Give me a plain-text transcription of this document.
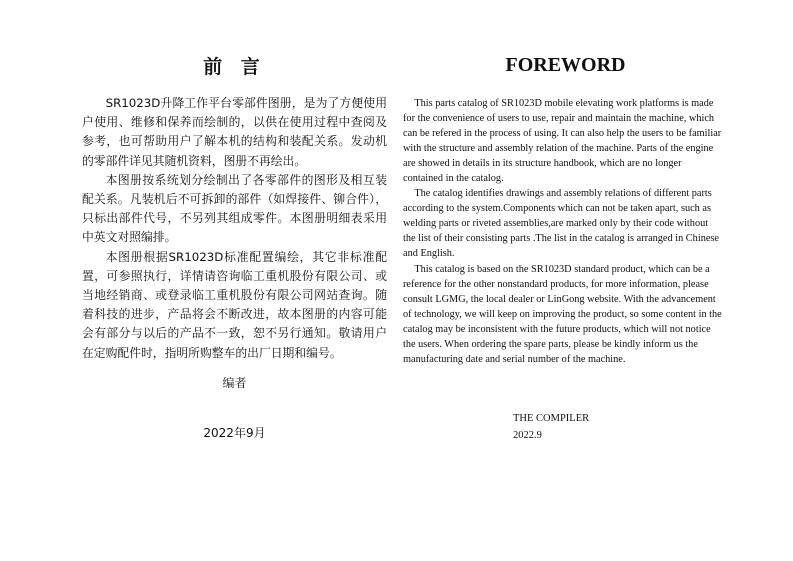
前 言

SR1023D升降工作平台零部件图册，是为了方便使用户使用、维修和保养而绘制的，以供在使用过程中查阅及参考，也可帮助用户了解本机的结构和装配关系。发动机的零部件详见其随机资料，图册不再绘出。

本图册按系统划分绘制出了各零部件的图形及相互装配关系。凡装机后不可拆卸的部件（如焊接件、铆合件），只标出部件代号，不另列其组成零件。本图册明细表采用中英文对照编排。

本图册根据SR1023D标准配置编绘，其它非标准配置，可参照执行，详情请咨询临工重机股份有限公司、或当地经销商、或登录临工重机股份有限公司网站查询。随着科技的进步，产品将会不断改进，故本图册的内容可能会有部分与以后的产品不一致，恕不另行通知。敬请用户在定购配件时，指明所购整车的出厂日期和编号。

编者
2022年9月
FOREWORD

This parts catalog of SR1023D mobile elevating work platforms is made for the convenience of users to use, repair and maintain the machine, which can be refered in the process of using. It can also help the users to be familiar with the structure and assembly relation of the machine. Parts of the engine are showed in details in its structure handbook, which are no longer contained in the catalog.

The catalog identifies drawings and assembly relations of different parts according to the system.Components which can not be taken apart, such as welding parts or riveted assemblies,are marked only by their code without the list of their consisting parts .The list in the catalog is arranged in Chinese and English.

This catalog is based on the SR1023D standard product, which can be a reference for the other nonstandard products, for more information, please consult LGMG, the local dealer or LinGong website. With the advancement of technology, we will keep on improving the product, so some content in the catalog may be inconsistent with the future products, which will not notice the users. When ordering the spare parts, please be kindly inform us the manufacturing date and serial number of the machine.

THE COMPILER
2022.9
